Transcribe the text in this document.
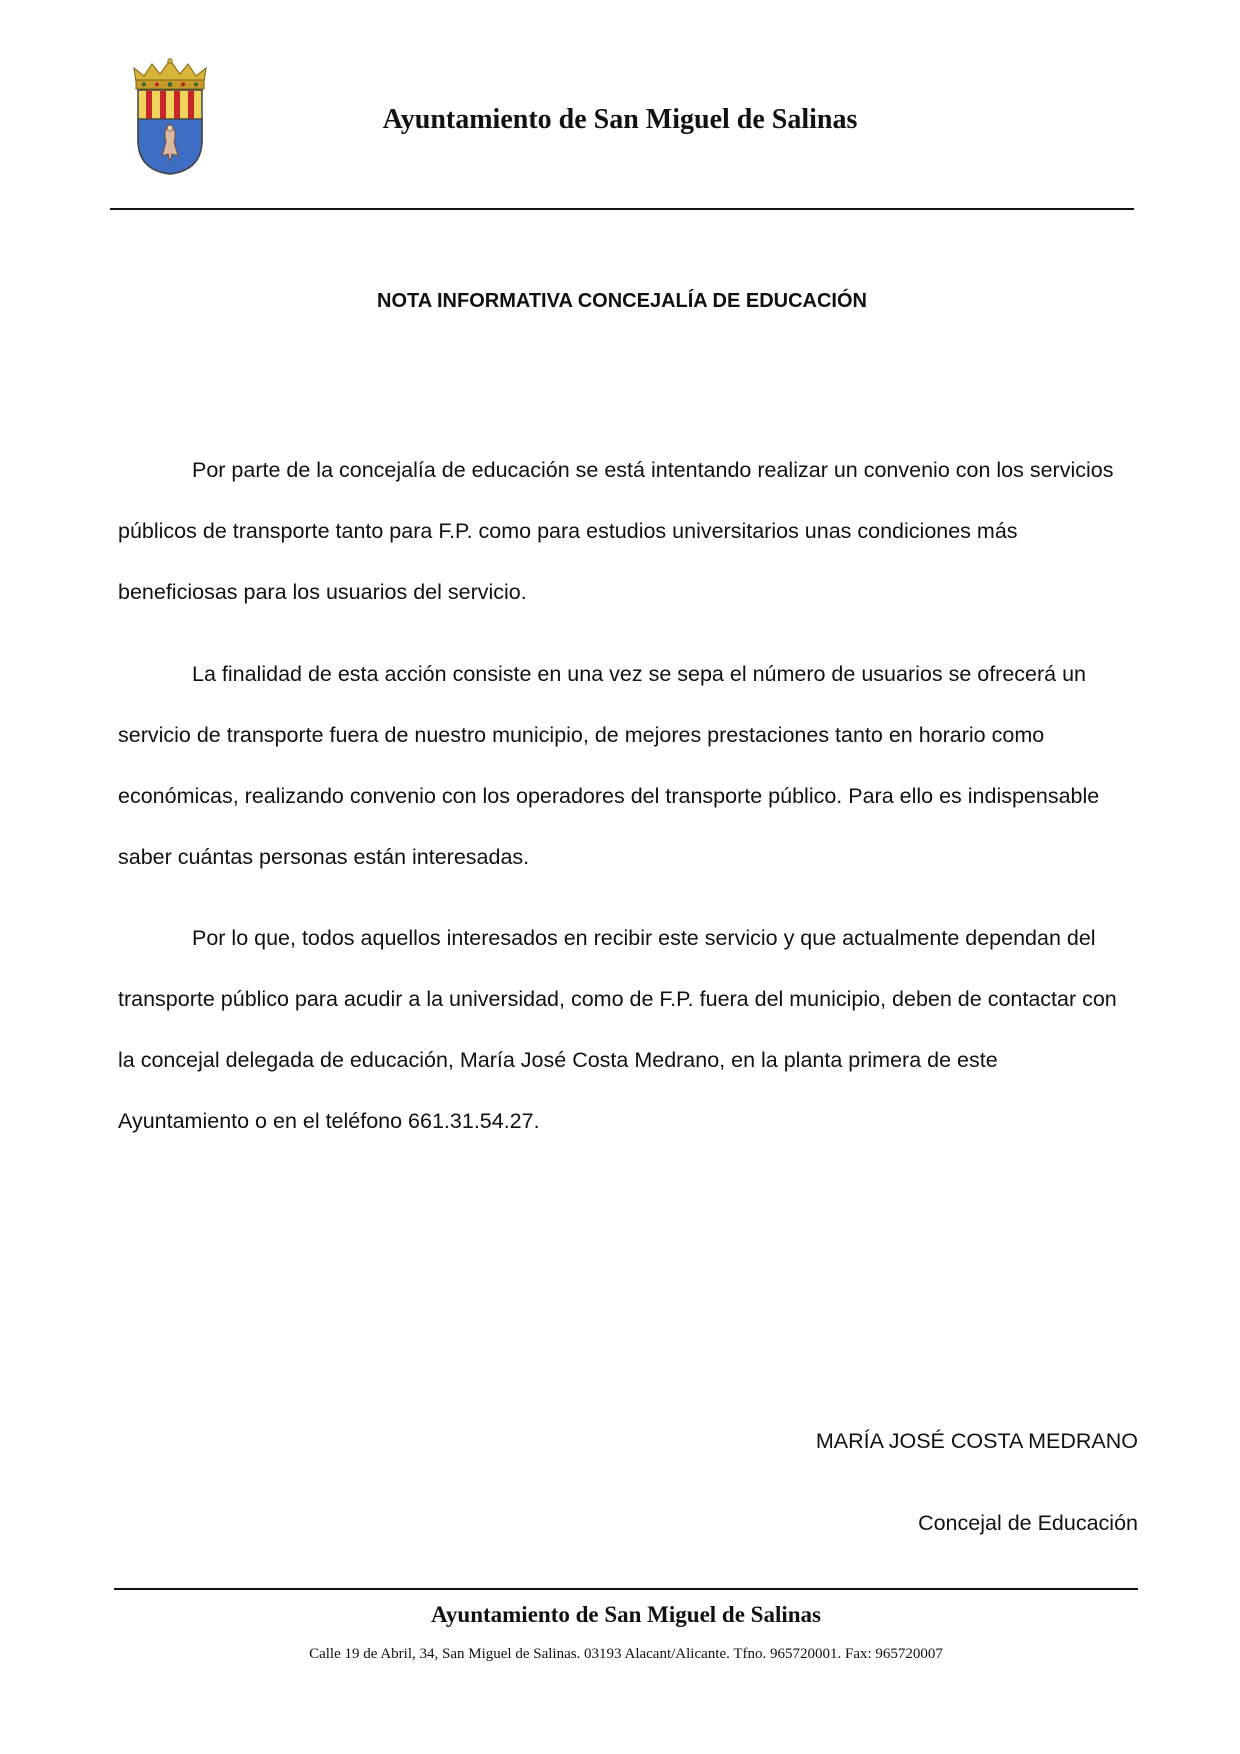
Ayuntamiento de San Miguel de Salinas
NOTA INFORMATIVA CONCEJALÍA DE EDUCACIÓN

Por parte de la concejalía de educación se está intentando realizar un convenio con los servicios públicos de transporte tanto para F.P. como para estudios universitarios unas condiciones más beneficiosas para los usuarios del servicio.

La finalidad de esta acción consiste en una vez se sepa el número de usuarios se ofrecerá un servicio de transporte fuera de nuestro municipio, de mejores prestaciones tanto en horario como económicas, realizando convenio con los operadores del transporte público. Para ello es indispensable saber cuántas personas están interesadas.

Por lo que, todos aquellos interesados en recibir este servicio y que actualmente dependan del transporte público para acudir a la universidad, como de F.P. fuera del municipio, deben de contactar con la concejal delegada de educación, María José Costa Medrano, en la planta primera de este Ayuntamiento o en el teléfono 661.31.54.27.

MARÍA JOSÉ COSTA MEDRANO
Concejal de Educación
Ayuntamiento de San Miguel de Salinas
Calle 19 de Abril, 34, San Miguel de Salinas. 03193 Alacant/Alicante. Tfno. 965720001. Fax: 965720007
